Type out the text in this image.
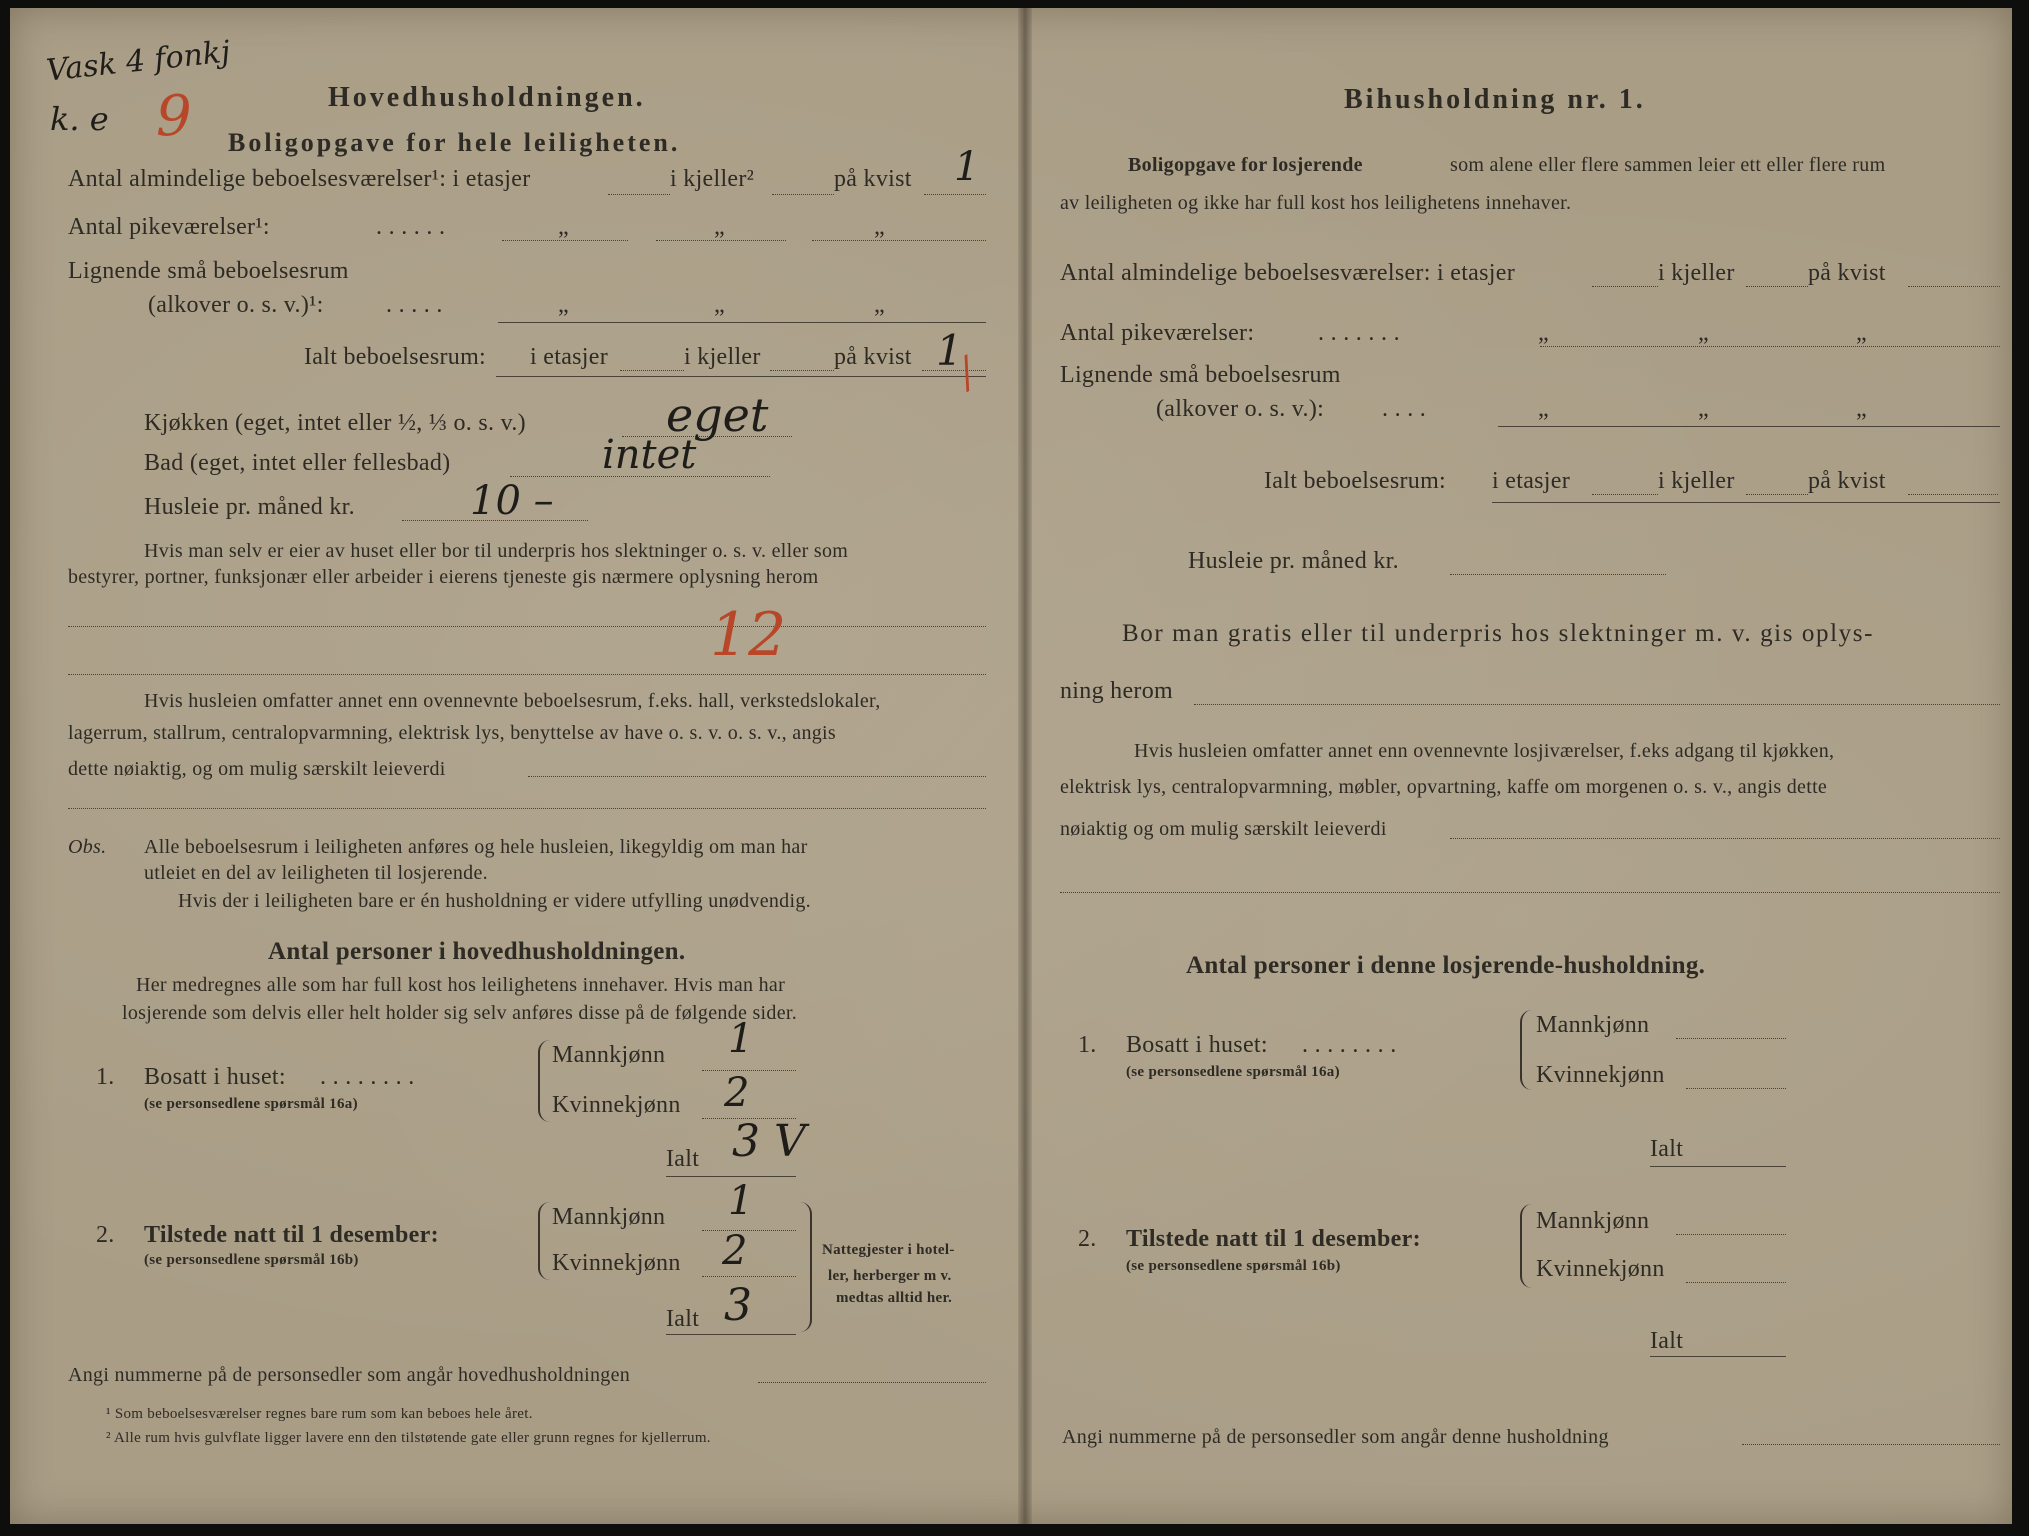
Vask 4 fonkj
k. e 9	Hovedhusholdningen.
Boligopgave for hele leiligheten.
Antal almindelige beboelsesværelser¹: i etasjer	i kjeller²	på kvist 1
Antal pikeværelser¹:	. . . . . .	„	„	„
Lignende små beboelsesrum
(alkover o. s. v.)¹:	. . . . .	„	„	„
Ialt beboelsesrum: i etasjer	i kjeller	på kvist 1
/
Kjøkken (eget, intet eller ½, ⅓ o. s. v.)	eget
Bad (eget, intet eller fellesbad)	intet
Husleie pr. måned kr.	10 –
Hvis man selv er eier av huset eller bor til underpris hos slektninger o. s. v. eller som
bestyrer, portner, funksjonær eller arbeider i eierens tjeneste gis nærmere oplysning herom
12
Hvis husleien omfatter annet enn ovennevnte beboelsesrum, f.eks. hall, verkstedslokaler,
lagerrum, stallrum, centralopvarmning, elektrisk lys, benyttelse av have o. s. v. o. s. v., angis
dette nøiaktig, og om mulig særskilt leieverdi
Obs. Alle beboelsesrum i leiligheten anføres og hele husleien, likegyldig om man har
utleiet en del av leiligheten til losjerende.
Hvis der i leiligheten bare er én husholdning er videre utfylling unødvendig.
Antal personer i hovedhusholdningen.
Her medregnes alle som har full kost hos leilighetens innehaver. Hvis man har
losjerende som delvis eller helt holder sig selv anføres disse på de følgende sider.
1. Bosatt i huset: . . . . . . . .
(se personsedlene spørsmål 16a)
Mannkjønn 1
Kvinnekjønn 2
Ialt 3 V
2. Tilstede natt til 1 desember:
(se personsedlene spørsmål 16b)
Mannkjønn 1
Kvinnekjønn 2
Ialt 3
Nattegjester i hotel-
ler, herberger m v.
medtas alltid her.
Angi nummerne på de personsedler som angår hovedhusholdningen
¹ Som beboelsesværelser regnes bare rum som kan beboes hele året.
² Alle rum hvis gulvflate ligger lavere enn den tilstøtende gate eller grunn regnes for kjellerrum.
Bihusholdning nr. 1.
Boligopgave for losjerende	som alene eller flere sammen leier ett eller flere rum
av leiligheten og ikke har full kost hos leilighetens innehaver.
Antal almindelige beboelsesværelser: i etasjer	i kjeller	på kvist
Antal pikeværelser:	. . . . . . .	„	„	„
Lignende små beboelsesrum
(alkover o. s. v.): . . . .	„	„	„
Ialt beboelsesrum: i etasjer	i kjeller	på kvist
Husleie pr. måned kr.
Bor man gratis eller til underpris hos slektninger m. v. gis oplys-
ning herom
Hvis husleien omfatter annet enn ovennevnte losjiværelser, f.eks adgang til kjøkken,
elektrisk lys, centralopvarmning, møbler, opvartning, kaffe om morgenen o. s. v., angis dette
nøiaktig og om mulig særskilt leieverdi
Antal personer i denne losjerende-husholdning.
1. Bosatt i huset: . . . . . . . .
(se personsedlene spørsmål 16a)
Mannkjønn
Kvinnekjønn
Ialt
2. Tilstede natt til 1 desember:
(se personsedlene spørsmål 16b)
Mannkjønn
Kvinnekjønn
Ialt
Angi nummerne på de personsedler som angår denne husholdning
